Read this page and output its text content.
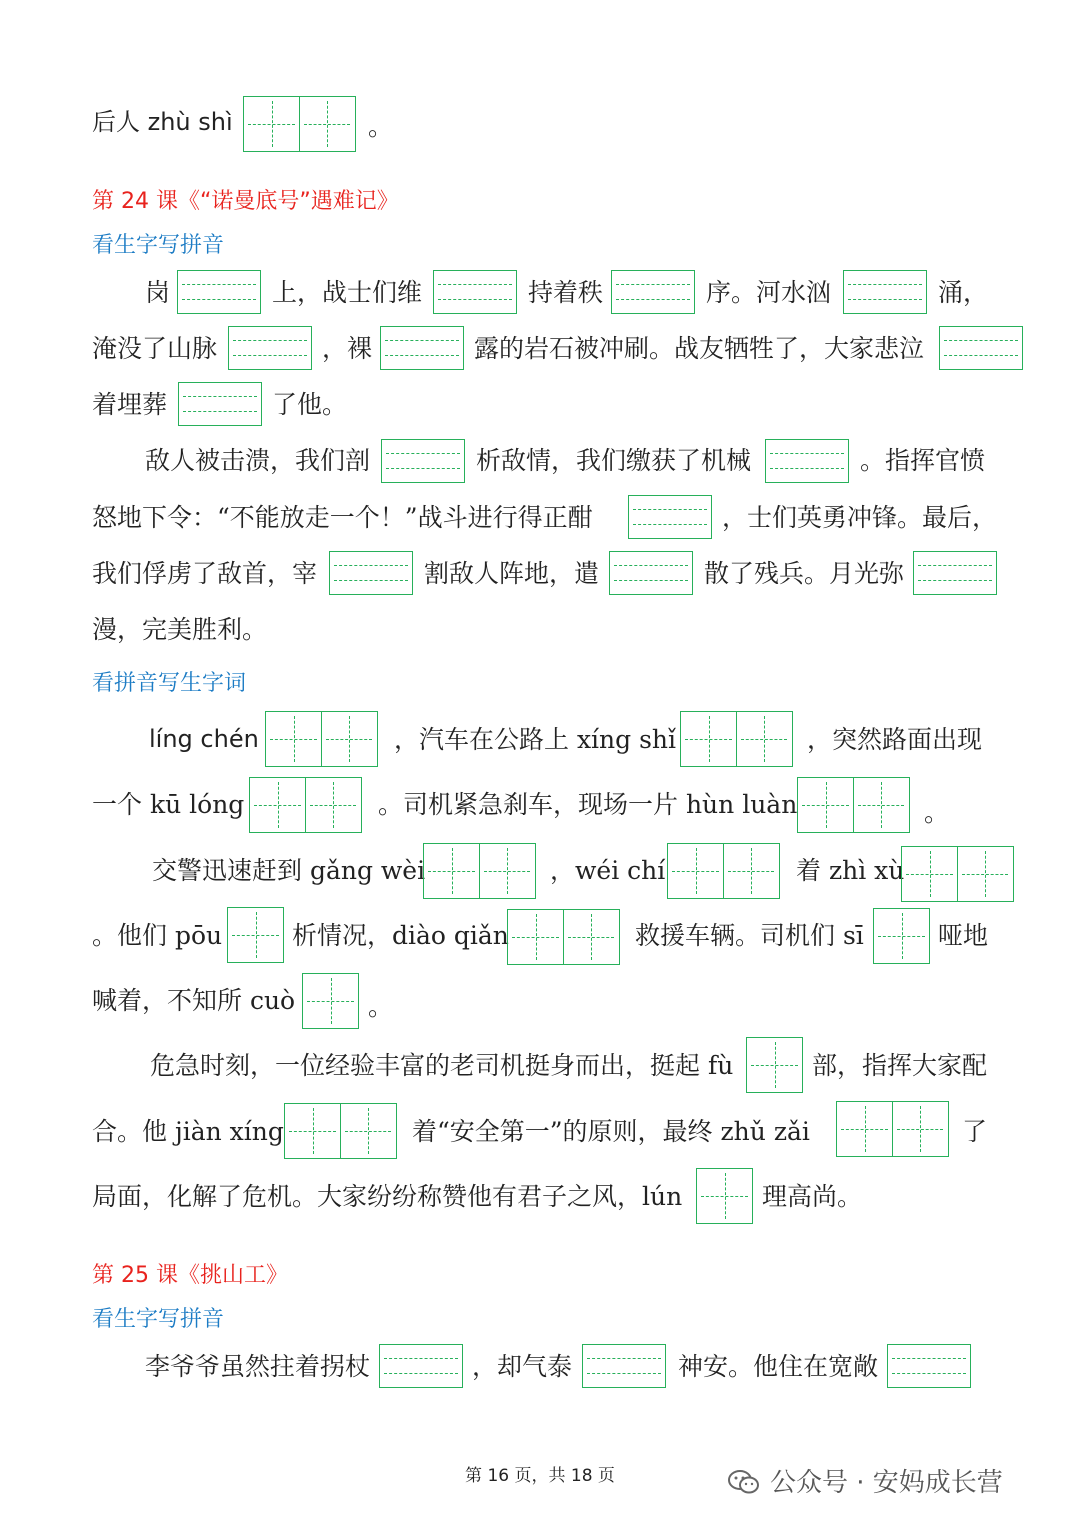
后人 zhù shì	。
第 24 课《“诺曼底号”遇难记》
看生字写拼音
岗	上，战士们维	持着秩	序。河水汹	涌，
淹没了山脉	，裸	露的岩石被冲刷。战友牺牲了，大家悲泣
着埋葬	了他。
敌人被击溃，我们剖	析敌情，我们缴获了机械	。指挥官愤
怒地下令：“不能放走一个！”战斗进行得正酣	，士们英勇冲锋。最后，
我们俘虏了敌首，宰	割敌人阵地，遣	散了残兵。月光弥
漫，完美胜利。
看拼音写生字词
líng chén	，汽车在公路上 xíng shǐ	，突然路面出现
一个 kū lóng	。司机紧急刹车，现场一片 hùn luàn	。
交警迅速赶到 gǎng wèi	，wéi chí	着 zhì xù
。他们 pōu	析情况，diào qiǎn	救援车辆。司机们 sī	哑地
喊着，不知所 cuò	。
危急时刻，一位经验丰富的老司机挺身而出，挺起 fù	部，指挥大家配
合。他 jiàn xíng	着“安全第一”的原则，最终 zhǔ zǎi	了
局面，化解了危机。大家纷纷称赞他有君子之风，lún	理高尚。
第 25 课《挑山工》
看生字写拼音
李爷爷虽然拄着拐杖	，却气泰	神安。他住在宽敞
第 16 页，共 18 页	公众号 · 安妈成长营
